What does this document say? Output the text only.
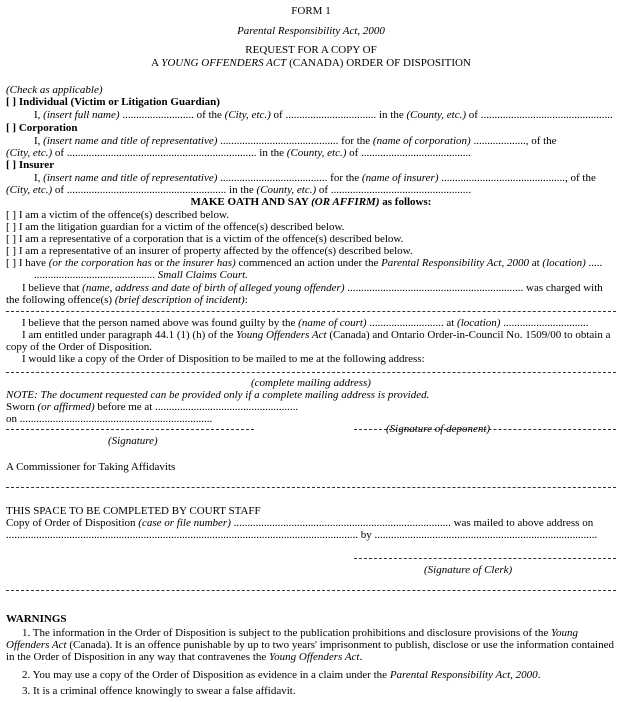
FORM 1
Parental Responsibility Act, 2000
REQUEST FOR A COPY OF
A YOUNG OFFENDERS ACT (CANADA) ORDER OF DISPOSITION
(Check as applicable)
[ ] Individual (Victim or Litigation Guardian)
I, (insert full name) .......................... of the (City, etc.) of ................................. in the (County, etc.) of ................................................
[ ] Corporation
I, (insert name and title of representative) ........................................... for the (name of corporation) ..................., of the
(City, etc.) of ..................................................................... in the (County, etc.) of ........................................
[ ] Insurer
I, (insert name and title of representative) ....................................... for the (name of insurer) ............................................., of the
(City, etc.) of .......................................................... in the (County, etc.) of ...................................................
MAKE OATH AND SAY (OR AFFIRM) as follows:
[ ] I am a victim of the offence(s) described below.
[ ] I am the litigation guardian for a victim of the offence(s) described below.
[ ] I am a representative of a corporation that is a victim of the offence(s) described below.
[ ] I am a representative of an insurer of property affected by the offence(s) described below.
[ ] I have (or the corporation has or the insurer has) commenced an action under the Parental Responsibility Act, 2000 at (location) .....
............................................ Small Claims Court.
I believe that (name, address and date of birth of alleged young offender) ................................................................ was charged with
the following offence(s) (brief description of incident):
I believe that the person named above was found guilty by the (name of court) ........................... at (location) ...............................
I am entitled under paragraph 44.1 (1) (h) of the Young Offenders Act (Canada) and Ontario Order-in-Council No. 1509/00 to obtain a
copy of the Order of Disposition.
I would like a copy of the Order of Disposition to be mailed to me at the following address:
(complete mailing address)
NOTE: The document requested can be provided only if a complete mailing address is provided.
Sworn (or affirmed) before me at ....................................................
on ......................................................................
(Signature of deponent)
(Signature)
A Commissioner for Taking Affidavits
THIS SPACE TO BE COMPLETED BY COURT STAFF
Copy of Order of Disposition (case or file number) ............................................................................... was mailed to above address on
................................................................................................................................ by .................................................................................
(Signature of Clerk)
WARNINGS
1. The information in the Order of Disposition is subject to the publication prohibitions and disclosure provisions of the Young Offenders Act (Canada). It is an offence punishable by up to two years' imprisonment to publish, disclose or use the information contained in the Order of Disposition in any way that contravenes the Young Offenders Act.
2. You may use a copy of the Order of Disposition as evidence in a claim under the Parental Responsibility Act, 2000.
3. It is a criminal offence knowingly to swear a false affidavit.
